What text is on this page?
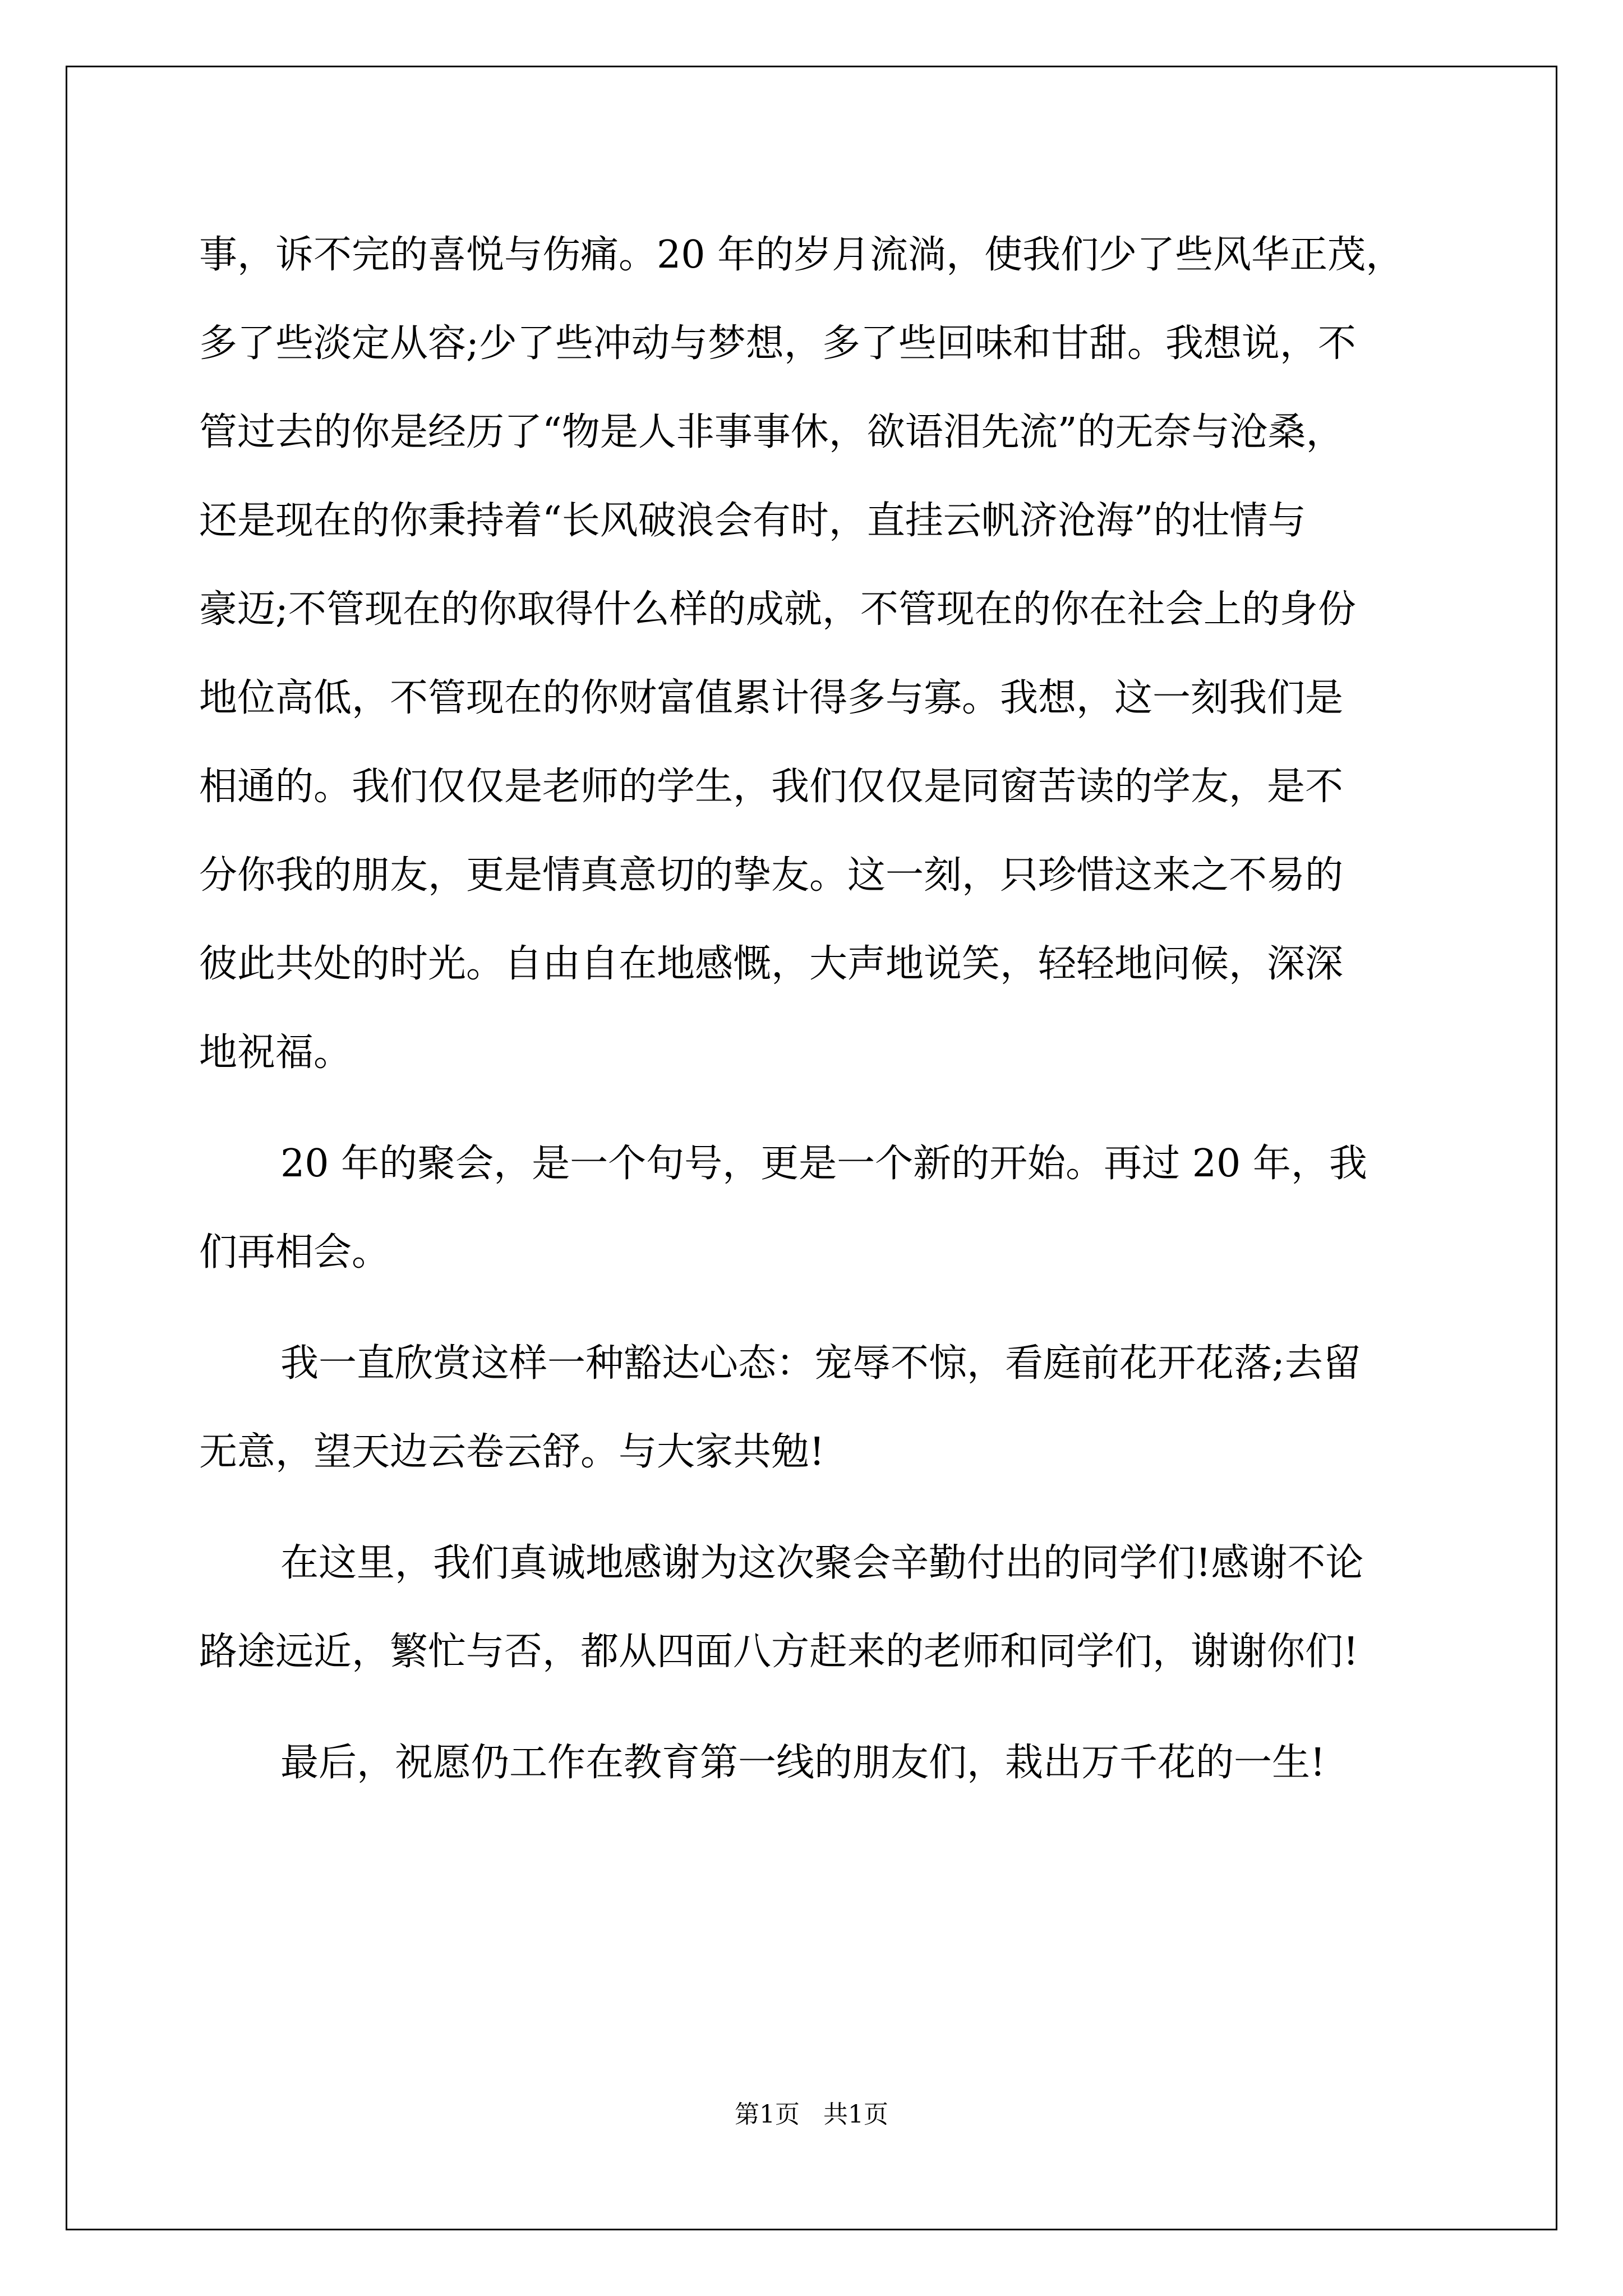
事，诉不完的喜悦与伤痛。20 年的岁月流淌，使我们少了些风华正茂，
多了些淡定从容;少了些冲动与梦想，多了些回味和甘甜。我想说，不
管过去的你是经历了“物是人非事事休，欲语泪先流”的无奈与沧桑，
还是现在的你秉持着“长风破浪会有时，直挂云帆济沧海”的壮情与
豪迈;不管现在的你取得什么样的成就，不管现在的你在社会上的身份
地位高低，不管现在的你财富值累计得多与寡。我想，这一刻我们是
相通的。我们仅仅是老师的学生，我们仅仅是同窗苦读的学友，是不
分你我的朋友，更是情真意切的挚友。这一刻，只珍惜这来之不易的
彼此共处的时光。自由自在地感慨，大声地说笑，轻轻地问候，深深
地祝福。
20 年的聚会，是一个句号，更是一个新的开始。再过 20 年，我
们再相会。
我一直欣赏这样一种豁达心态：宠辱不惊，看庭前花开花落;去留
无意，望天边云卷云舒。与大家共勉!
在这里，我们真诚地感谢为这次聚会辛勤付出的同学们!感谢不论
路途远近，繁忙与否，都从四面八方赶来的老师和同学们，谢谢你们!
最后，祝愿仍工作在教育第一线的朋友们，栽出万千花的一生!
第1页   共1页
